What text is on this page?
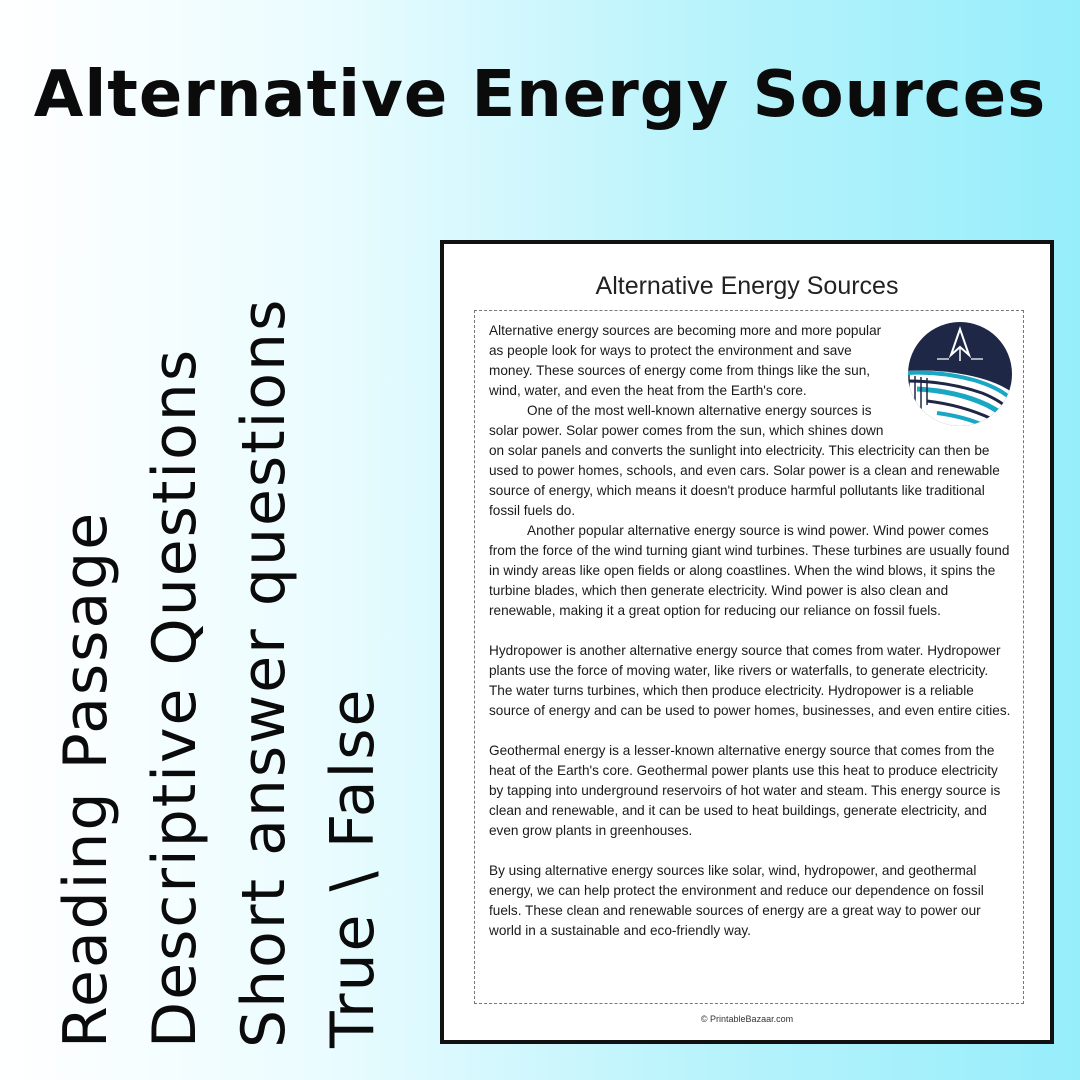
Alternative Energy Sources
Reading Passage Descriptive Questions Short answer questions True \ False
Alternative Energy Sources

Alternative energy sources are becoming more and more popular as people look for ways to protect the environment and save money. These sources of energy come from things like the sun, wind, water, and even the heat from the Earth's core.

One of the most well-known alternative energy sources is solar power. Solar power comes from the sun, which shines down on solar panels and converts the sunlight into electricity. This electricity can then be used to power homes, schools, and even cars. Solar power is a clean and renewable source of energy, which means it doesn't produce harmful pollutants like traditional fossil fuels do.

Another popular alternative energy source is wind power. Wind power comes from the force of the wind turning giant wind turbines. These turbines are usually found in windy areas like open fields or along coastlines. When the wind blows, it spins the turbine blades, which then generate electricity. Wind power is also clean and renewable, making it a great option for reducing our reliance on fossil fuels.

Hydropower is another alternative energy source that comes from water. Hydropower plants use the force of moving water, like rivers or waterfalls, to generate electricity. The water turns turbines, which then produce electricity. Hydropower is a reliable source of energy and can be used to power homes, businesses, and even entire cities.

Geothermal energy is a lesser-known alternative energy source that comes from the heat of the Earth's core. Geothermal power plants use this heat to produce electricity by tapping into underground reservoirs of hot water and steam. This energy source is clean and renewable, and it can be used to heat buildings, generate electricity, and even grow plants in greenhouses.

By using alternative energy sources like solar, wind, hydropower, and geothermal energy, we can help protect the environment and reduce our dependence on fossil fuels. These clean and renewable sources of energy are a great way to power our world in a sustainable and eco-friendly way.

© PrintableBazaar.com
